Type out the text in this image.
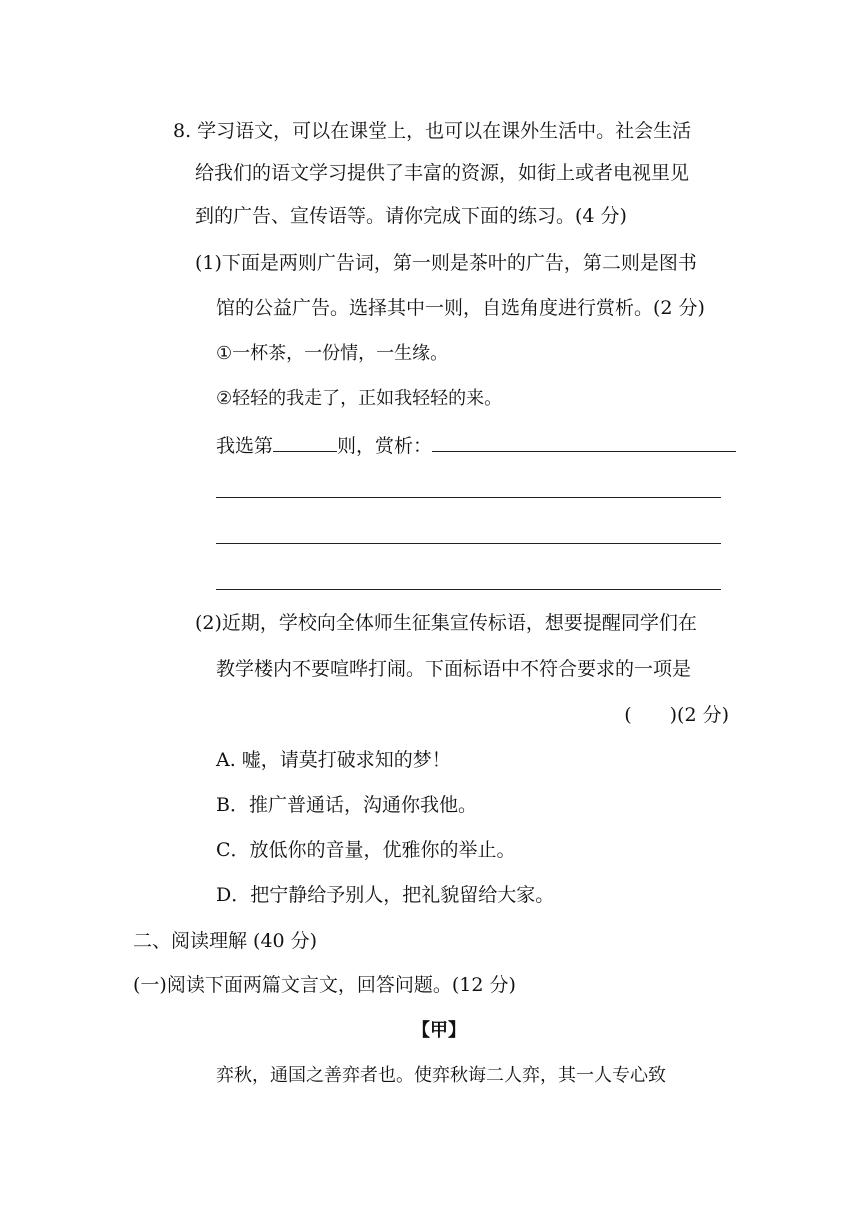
8. 学习语文，可以在课堂上，也可以在课外生活中。社会生活
给我们的语文学习提供了丰富的资源，如街上或者电视里见
到的广告、宣传语等。请你完成下面的练习。(4 分)
(1)下面是两则广告词，第一则是茶叶的广告，第二则是图书
馆的公益广告。选择其中一则，自选角度进行赏析。(2 分)
①一杯茶，一份情，一生缘。
②轻轻的我走了，正如我轻轻的来。
我选第	则，赏析：
(2)近期，学校向全体师生征集宣传标语，想要提醒同学们在
教学楼内不要喧哗打闹。下面标语中不符合要求的一项是
(　　)(2 分)
A. 嘘，请莫打破求知的梦！
B．推广普通话，沟通你我他。
C．放低你的音量，优雅你的举止。
D．把宁静给予别人，把礼貌留给大家。
二、阅读理解 (40 分)
(一)阅读下面两篇文言文，回答问题。(12 分)
【甲】
弈秋，通国之善弈者也。使弈秋诲二人弈，其一人专心致
